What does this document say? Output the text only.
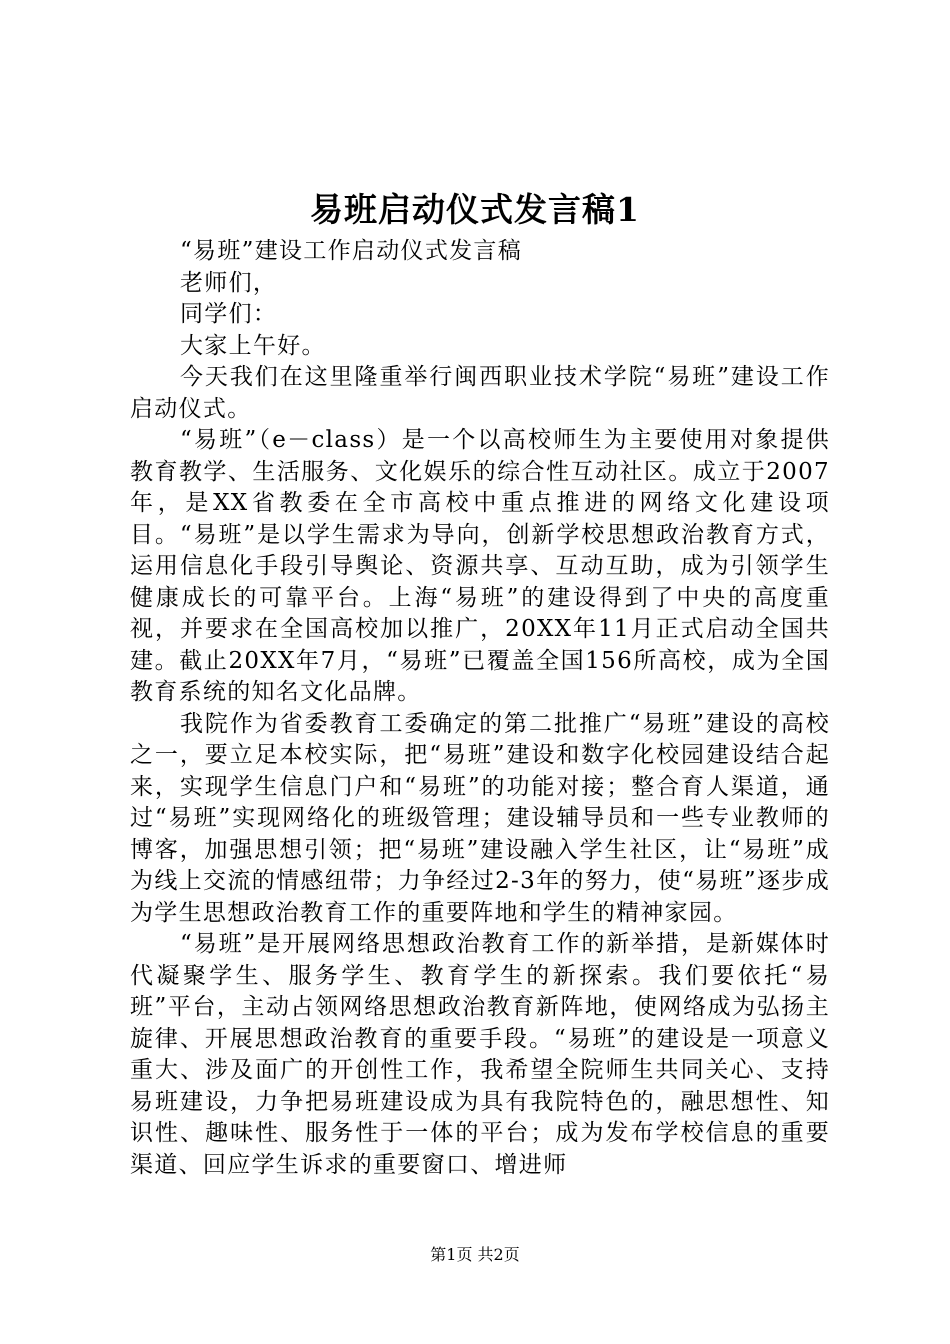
易班启动仪式发言稿1

“易班”建设工作启动仪式发言稿

老师们，

同学们：

大家上午好。

今天我们在这里隆重举行闽西职业技术学院“易班”建设工作启动仪式。

“易班”（e－class）是一个以高校师生为主要使用对象提供教育教学、生活服务、文化娱乐的综合性互动社区。成立于2007年，是XX省教委在全市高校中重点推进的网络文化建设项目。“易班”是以学生需求为导向，创新学校思想政治教育方式，运用信息化手段引导舆论、资源共享、互动互助，成为引领学生健康成长的可靠平台。上海“易班”的建设得到了中央的高度重视，并要求在全国高校加以推广，20XX年11月正式启动全国共建。截止20XX年7月，“易班”已覆盖全国156所高校，成为全国教育系统的知名文化品牌。

我院作为省委教育工委确定的第二批推广“易班”建设的高校之一，要立足本校实际，把“易班”建设和数字化校园建设结合起来，实现学生信息门户和“易班”的功能对接；整合育人渠道，通过“易班”实现网络化的班级管理；建设辅导员和一些专业教师的博客，加强思想引领；把“易班”建设融入学生社区，让“易班”成为线上交流的情感纽带；力争经过2-3年的努力，使“易班”逐步成为学生思想政治教育工作的重要阵地和学生的精神家园。

“易班”是开展网络思想政治教育工作的新举措，是新媒体时代凝聚学生、服务学生、教育学生的新探索。我们要依托“易班”平台，主动占领网络思想政治教育新阵地，使网络成为弘扬主旋律、开展思想政治教育的重要手段。“易班”的建设是一项意义重大、涉及面广的开创性工作，我希望全院师生共同关心、支持易班建设，力争把易班建设成为具有我院特色的，融思想性、知识性、趣味性、服务性于一体的平台；成为发布学校信息的重要渠道、回应学生诉求的重要窗口、增进师

第1页 共2页
